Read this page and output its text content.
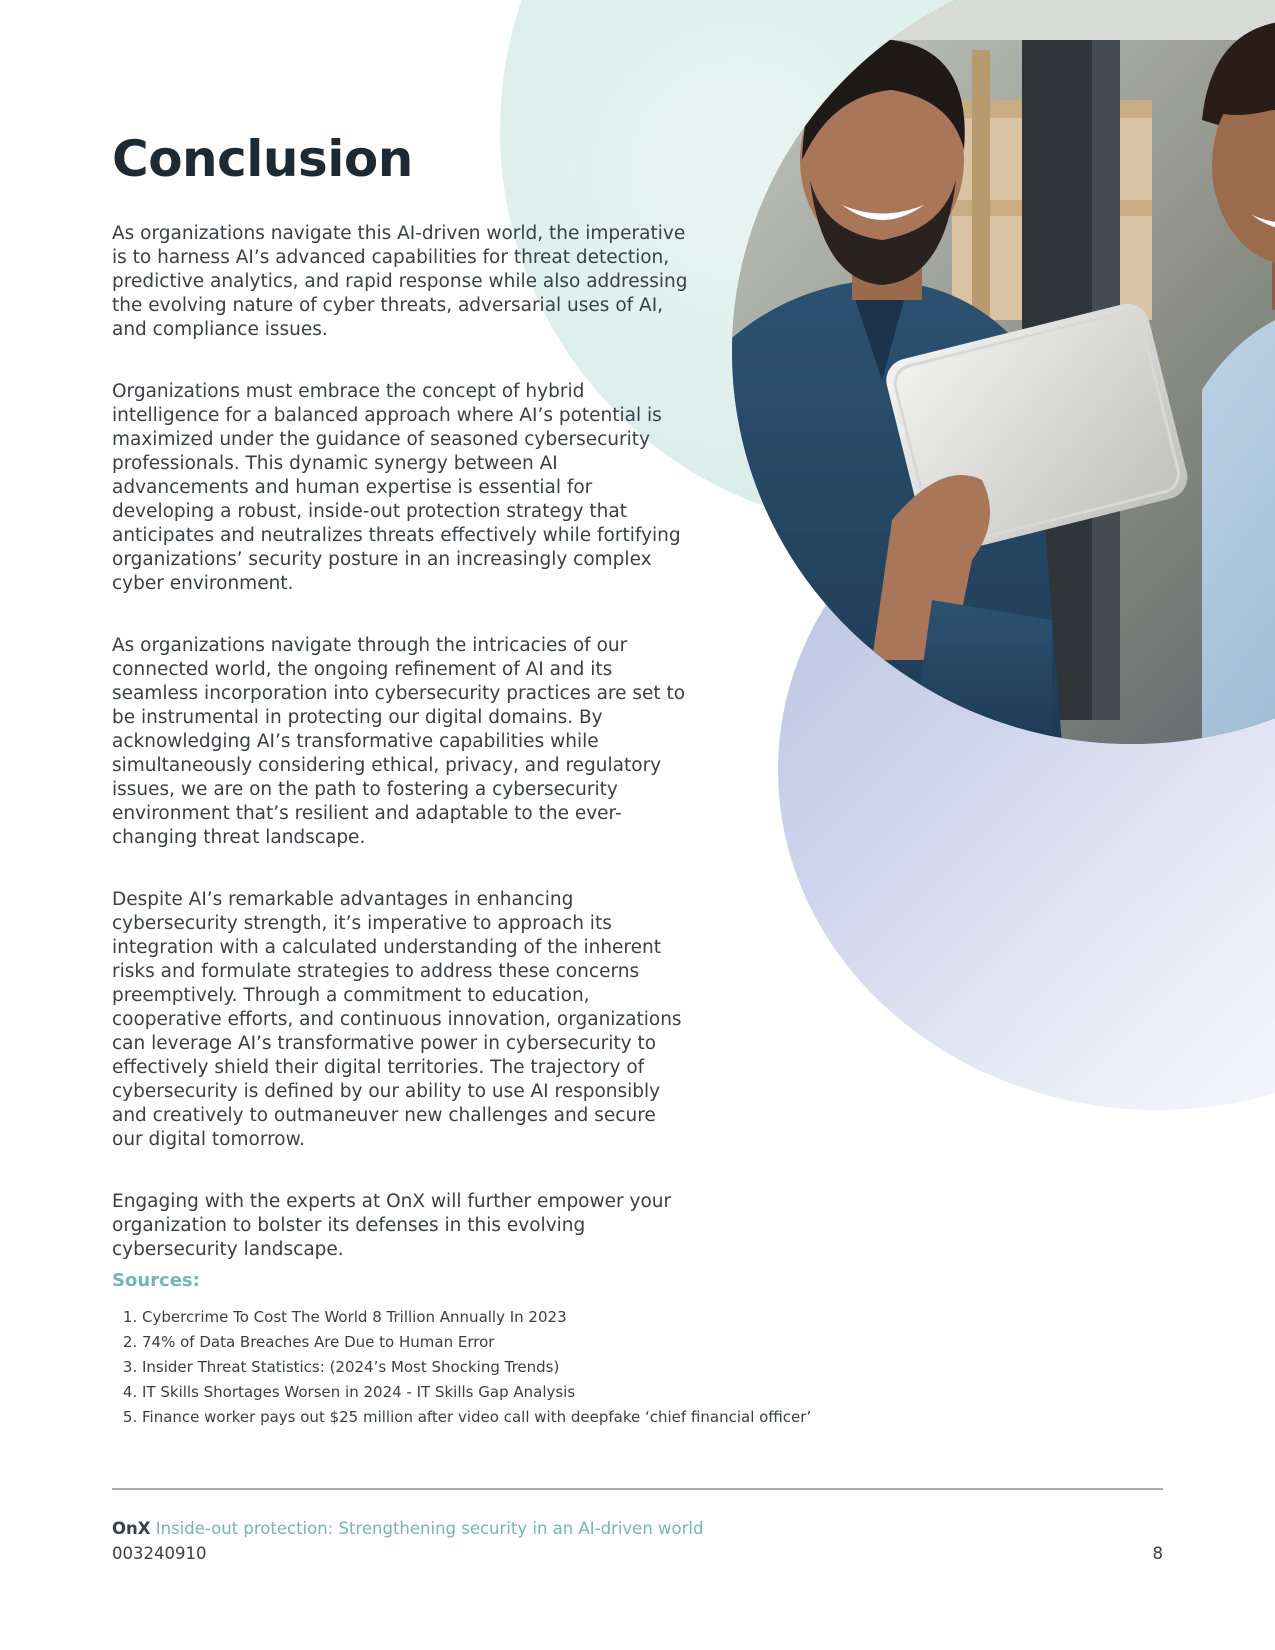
Conclusion

As organizations navigate this AI-driven world, the imperative is to harness AI’s advanced capabilities for threat detection, predictive analytics, and rapid response while also addressing the evolving nature of cyber threats, adversarial uses of AI, and compliance issues.

Organizations must embrace the concept of hybrid intelligence for a balanced approach where AI’s potential is maximized under the guidance of seasoned cybersecurity professionals. This dynamic synergy between AI advancements and human expertise is essential for developing a robust, inside-out protection strategy that anticipates and neutralizes threats effectively while fortifying organizations’ security posture in an increasingly complex cyber environment.

As organizations navigate through the intricacies of our connected world, the ongoing refinement of AI and its seamless incorporation into cybersecurity practices are set to be instrumental in protecting our digital domains. By acknowledging AI’s transformative capabilities while simultaneously considering ethical, privacy, and regulatory issues, we are on the path to fostering a cybersecurity environment that’s resilient and adaptable to the ever-changing threat landscape.

Despite AI’s remarkable advantages in enhancing cybersecurity strength, it’s imperative to approach its integration with a calculated understanding of the inherent risks and formulate strategies to address these concerns preemptively. Through a commitment to education, cooperative efforts, and continuous innovation, organizations can leverage AI’s transformative power in cybersecurity to effectively shield their digital territories. The trajectory of cybersecurity is defined by our ability to use AI responsibly and creatively to outmaneuver new challenges and secure our digital tomorrow.

Engaging with the experts at OnX will further empower your organization to bolster its defenses in this evolving cybersecurity landscape.

Sources:
1. Cybercrime To Cost The World 8 Trillion Annually In 2023
2. 74% of Data Breaches Are Due to Human Error
3. Insider Threat Statistics: (2024’s Most Shocking Trends)
4. IT Skills Shortages Worsen in 2024 - IT Skills Gap Analysis
5. Finance worker pays out $25 million after video call with deepfake ‘chief financial officer’
OnX Inside-out protection: Strengthening security in an AI-driven world
003240910	8
